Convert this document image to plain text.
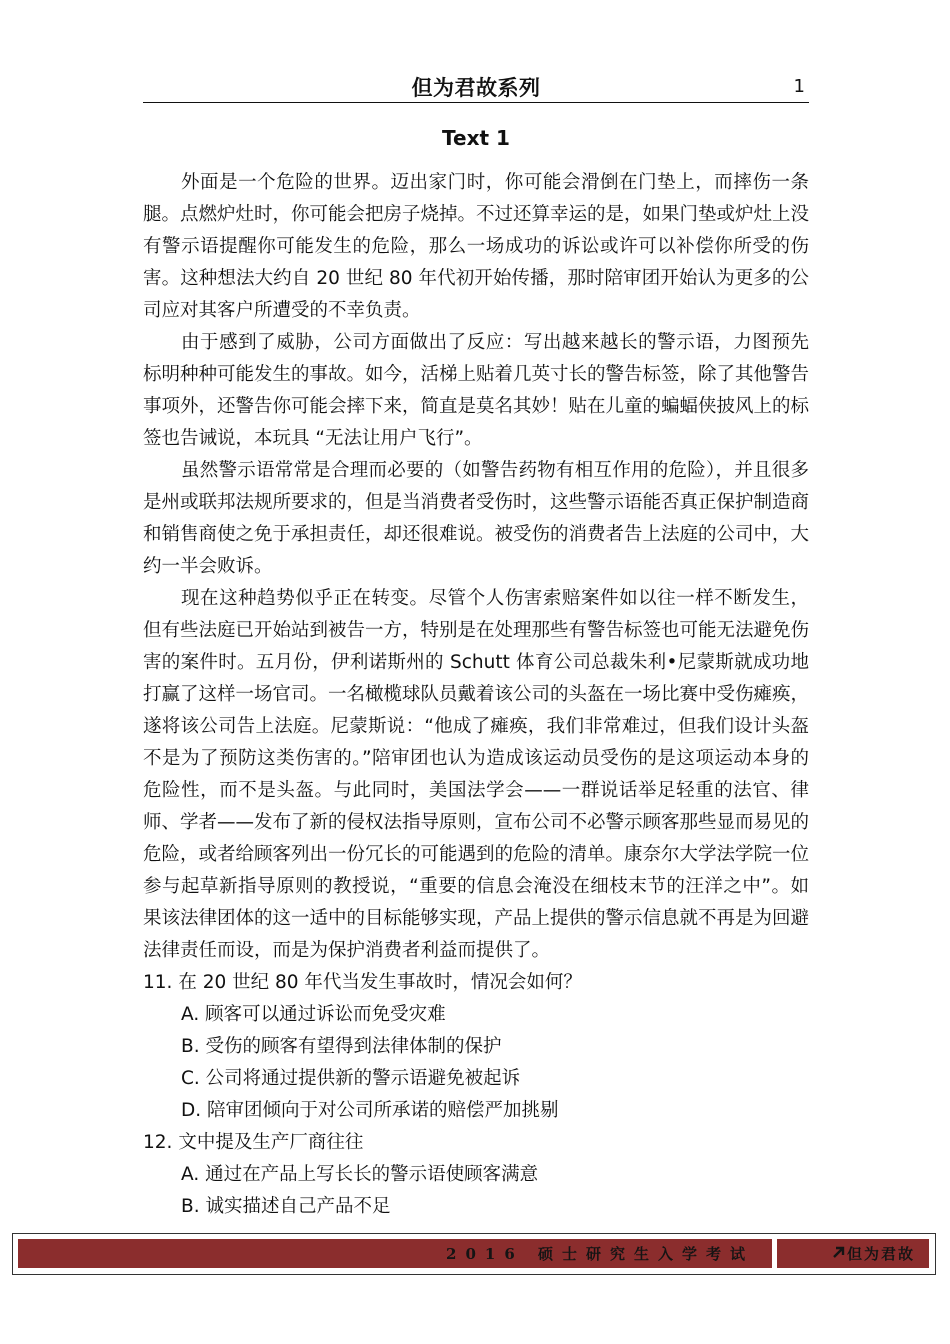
但为君故系列	1
Text 1

外面是一个危险的世界。迈出家门时，你可能会滑倒在门垫上，而摔伤一条腿。点燃炉灶时，你可能会把房子烧掉。不过还算幸运的是，如果门垫或炉灶上没有警示语提醒你可能发生的危险，那么一场成功的诉讼或许可以补偿你所受的伤害。这种想法大约自 20 世纪 80 年代初开始传播，那时陪审团开始认为更多的公司应对其客户所遭受的不幸负责。

由于感到了威胁，公司方面做出了反应：写出越来越长的警示语，力图预先标明种种可能发生的事故。如今，活梯上贴着几英寸长的警告标签，除了其他警告事项外，还警告你可能会摔下来，简直是莫名其妙！贴在儿童的蝙蝠侠披风上的标签也告诫说，本玩具 “无法让用户飞行”。

虽然警示语常常是合理而必要的（如警告药物有相互作用的危险），并且很多是州或联邦法规所要求的，但是当消费者受伤时，这些警示语能否真正保护制造商和销售商使之免于承担责任，却还很难说。被受伤的消费者告上法庭的公司中，大约一半会败诉。

现在这种趋势似乎正在转变。尽管个人伤害索赔案件如以往一样不断发生，但有些法庭已开始站到被告一方，特别是在处理那些有警告标签也可能无法避免伤害的案件时。五月份，伊利诺斯州的 Schutt 体育公司总裁朱利•尼蒙斯就成功地打赢了这样一场官司。一名橄榄球队员戴着该公司的头盔在一场比赛中受伤瘫痪，遂将该公司告上法庭。尼蒙斯说：“他成了瘫痪，我们非常难过，但我们设计头盔不是为了预防这类伤害的。”陪审团也认为造成该运动员受伤的是这项运动本身的危险性，而不是头盔。与此同时，美国法学会——一群说话举足轻重的法官、律师、学者——发布了新的侵权法指导原则，宣布公司不必警示顾客那些显而易见的危险，或者给顾客列出一份冗长的可能遇到的危险的清单。康奈尔大学法学院一位参与起草新指导原则的教授说，“重要的信息会淹没在细枝末节的汪洋之中”。如果该法律团体的这一适中的目标能够实现，产品上提供的警示信息就不再是为回避法律责任而设，而是为保护消费者利益而提供了。

11. 在 20 世纪 80 年代当发生事故时，情况会如何？
A. 顾客可以通过诉讼而免受灾难
B. 受伤的顾客有望得到法律体制的保护
C. 公司将通过提供新的警示语避免被起诉
D. 陪审团倾向于对公司所承诺的赔偿严加挑剔
12. 文中提及生产厂商往往
A. 通过在产品上写长长的警示语使顾客满意
B. 诚实描述自己产品不足
2016 硕士研究生入学考试	但为君故
